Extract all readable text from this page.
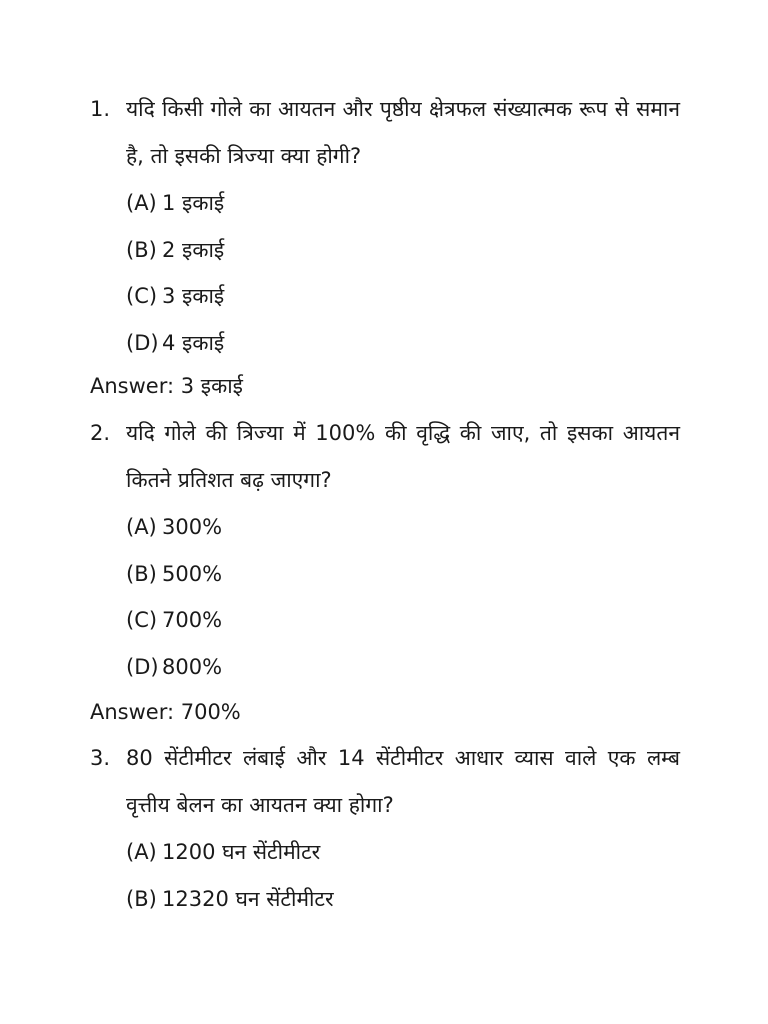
1. यदि किसी गोले का आयतन और पृष्ठीय क्षेत्रफल संख्यात्मक रूप से समान है, तो इसकी त्रिज्या क्या होगी?
(A) 1 इकाई
(B) 2 इकाई
(C) 3 इकाई
(D) 4 इकाई
Answer: 3 इकाई
2. यदि गोले की त्रिज्या में 100% की वृद्धि की जाए, तो इसका आयतन कितने प्रतिशत बढ़ जाएगा?
(A) 300%
(B) 500%
(C) 700%
(D) 800%
Answer: 700%
3. 80 सेंटीमीटर लंबाई और 14 सेंटीमीटर आधार व्यास वाले एक लम्ब वृत्तीय बेलन का आयतन क्या होगा?
(A) 1200 घन सेंटीमीटर
(B) 12320 घन सेंटीमीटर
